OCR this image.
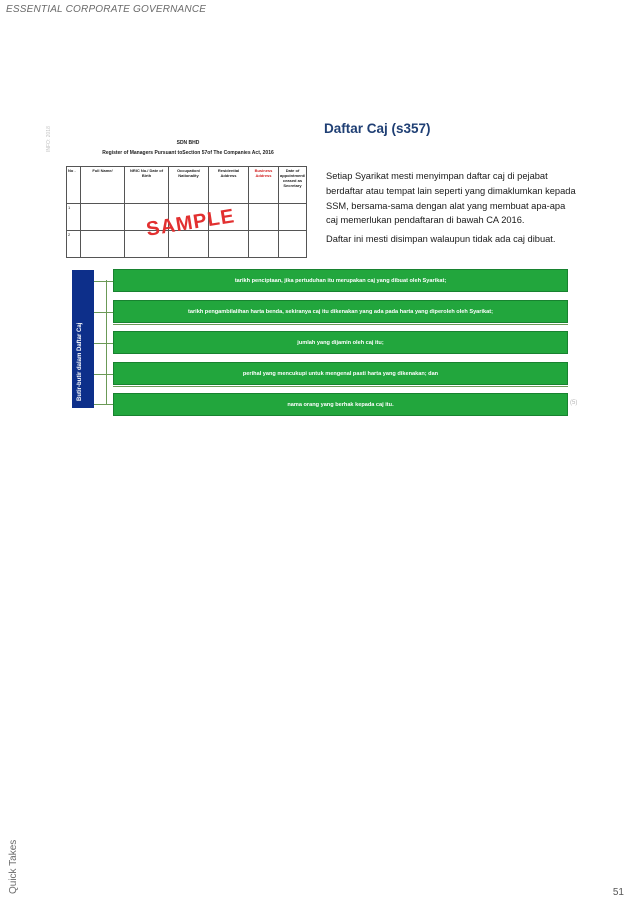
ESSENTIAL CORPORATE GOVERNANCE
INFO: 2018	SDN BHD
Register of Managers Pursuant toSection 57of The Companies Act, 2016
No .	Full Name/	NRIC No./ Date of Birth	Occupation/ Nationality	Residential Address	Business Address	Date of appointment/ ceased as Secretary
1						
2							SAMPLE
Daftar Caj (s357)
Setiap Syarikat mesti menyimpan daftar caj di pejabat berdaftar atau tempat lain seperti yang dimaklumkan kepada SSM, bersama-sama dengan alat yang membuat apa-apa caj memerlukan pendaftaran di bawah CA 2016.
Daftar ini mesti disimpan walaupun tidak ada caj dibuat.
Butir-butir dalam Daftar Caj
tarikh penciptaan, jika pertuduhan itu merupakan caj yang dibuat oleh Syarikat;
tarikh pengambilalihan harta benda, sekiranya caj itu dikenakan yang ada pada harta yang diperoleh oleh Syarikat;
jumlah yang dijamin oleh caj itu;
perihal yang mencukupi untuk mengenal pasti harta yang dikenakan; dan
nama orang yang berhak kepada caj itu.	(5)
Quick Takes	51
